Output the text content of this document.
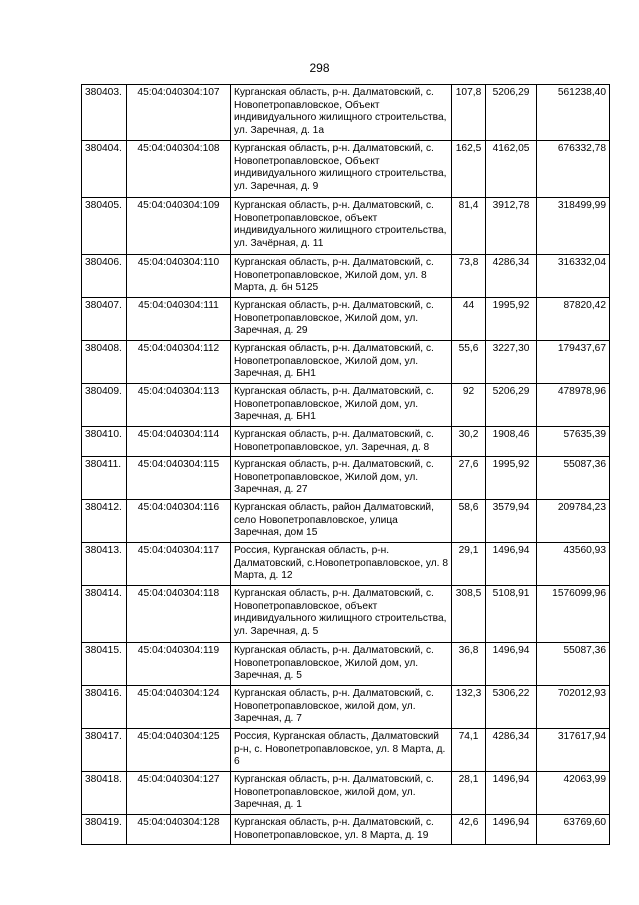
298
380403.	45:04:040304:107	Курганская область, р-н. Далматовский, с. Новопетропавловское, Объект индивидуального жилищного строительства, ул. Заречная, д. 1а	107,8	5206,29	561238,40
380404.	45:04:040304:108	Курганская область, р-н. Далматовский, с. Новопетропавловское, Объект индивидуального жилищного строительства, ул. Заречная, д. 9	162,5	4162,05	676332,78
380405.	45:04:040304:109	Курганская область, р-н. Далматовский, с. Новопетропавловское, объект индивидуального жилищного строительства, ул. Зачёрная, д. 11	81,4	3912,78	318499,99
380406.	45:04:040304:110	Курганская область, р-н. Далматовский, с. Новопетропавловское, Жилой дом, ул. 8 Марта, д. бн 5125	73,8	4286,34	316332,04
380407.	45:04:040304:111	Курганская область, р-н. Далматовский, с. Новопетропавловское, Жилой дом, ул. Заречная, д. 29	44	1995,92	87820,42
380408.	45:04:040304:112	Курганская область, р-н. Далматовский, с. Новопетропавловское, Жилой дом, ул. Заречная, д. БН1	55,6	3227,30	179437,67
380409.	45:04:040304:113	Курганская область, р-н. Далматовский, с. Новопетропавловское, Жилой дом, ул. Заречная, д. БН1	92	5206,29	478978,96
380410.	45:04:040304:114	Курганская область, р-н. Далматовский, с. Новопетропавловское, ул. Заречная, д. 8	30,2	1908,46	57635,39
380411.	45:04:040304:115	Курганская область, р-н. Далматовский, с. Новопетропавловское, Жилой дом, ул. Заречная, д. 27	27,6	1995,92	55087,36
380412.	45:04:040304:116	Курганская область, район Далматовский, село Новопетропавловское, улица Заречная, дом 15	58,6	3579,94	209784,23
380413.	45:04:040304:117	Россия, Курганская область, р-н. Далматовский, с.Новопетропавловское, ул. 8 Марта, д. 12	29,1	1496,94	43560,93
380414.	45:04:040304:118	Курганская область, р-н. Далматовский, с. Новопетропавловское, объект индивидуального жилищного строительства, ул. Заречная, д. 5	308,5	5108,91	1576099,96
380415.	45:04:040304:119	Курганская область, р-н. Далматовский, с. Новопетропавловское, Жилой дом, ул. Заречная, д. 5	36,8	1496,94	55087,36
380416.	45:04:040304:124	Курганская область, р-н. Далматовский, с. Новопетропавловское, жилой дом, ул. Заречная, д. 7	132,3	5306,22	702012,93
380417.	45:04:040304:125	Россия, Курганская область, Далматовский р-н, с. Новопетропавловское, ул. 8 Марта, д. 6	74,1	4286,34	317617,94
380418.	45:04:040304:127	Курганская область, р-н. Далматовский, с. Новопетропавловское, жилой дом, ул. Заречная, д. 1	28,1	1496,94	42063,99
380419.	45:04:040304:128	Курганская область, р-н. Далматовский, с. Новопетропавловское, ул. 8 Марта, д. 19	42,6	1496,94	63769,60
